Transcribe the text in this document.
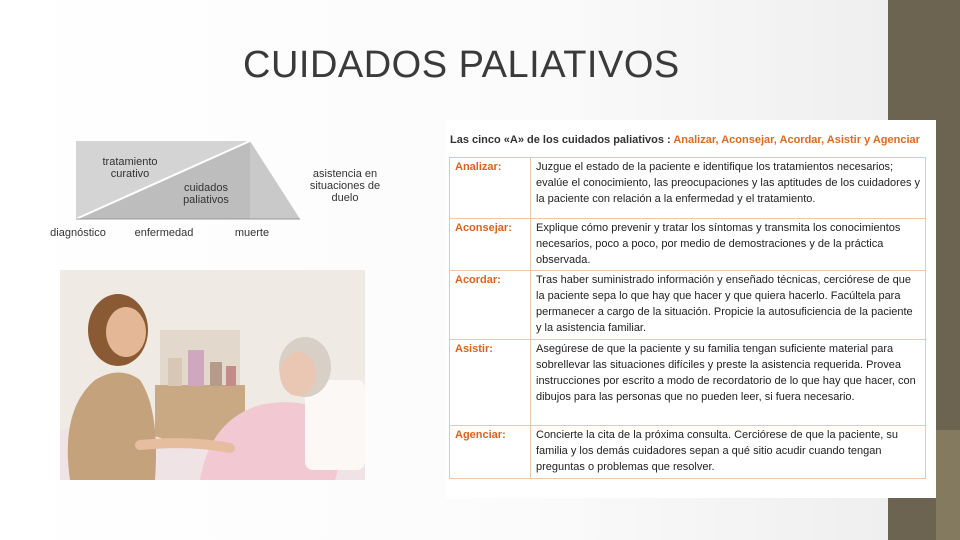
CUIDADOS PALIATIVOS
tratamiento
curativo
cuidados
paliativos
asistencia en
situaciones de duelo
diagnóstico	enfermedad	muerte
Las cinco «A» de los cuidados paliativos : Analizar, Aconsejar, Acordar, Asistir y Agenciar
Analizar:	Juzgue el estado de la paciente e identifique los tratamientos necesarios; evalúe el conocimiento, las preocupaciones y las aptitudes de los cuidadores y la paciente con relación a la enfermedad y el tratamiento.
Aconsejar:	Explique cómo prevenir y tratar los síntomas y transmita los conocimientos necesarios, poco a poco, por medio de demostraciones y de la práctica observada.
Acordar:	Tras haber suministrado información y enseñado técnicas, cerciórese de que la paciente sepa lo que hay que hacer y que quiera hacerlo. Facúltela para permanecer a cargo de la situación. Propicie la autosuficiencia de la paciente y la asistencia familiar.
Asistir:	Asegúrese de que la paciente y su familia tengan suficiente material para sobrellevar las situaciones difíciles y preste la asistencia requerida. Provea instrucciones por escrito a modo de recordatorio de lo que hay que hacer, con dibujos para las personas que no pueden leer, si fuera necesario.
Agenciar:	Concierte la cita de la próxima consulta. Cerciórese de que la paciente, su familia y los demás cuidadores sepan a qué sitio acudir cuando tengan preguntas o problemas que resolver.
